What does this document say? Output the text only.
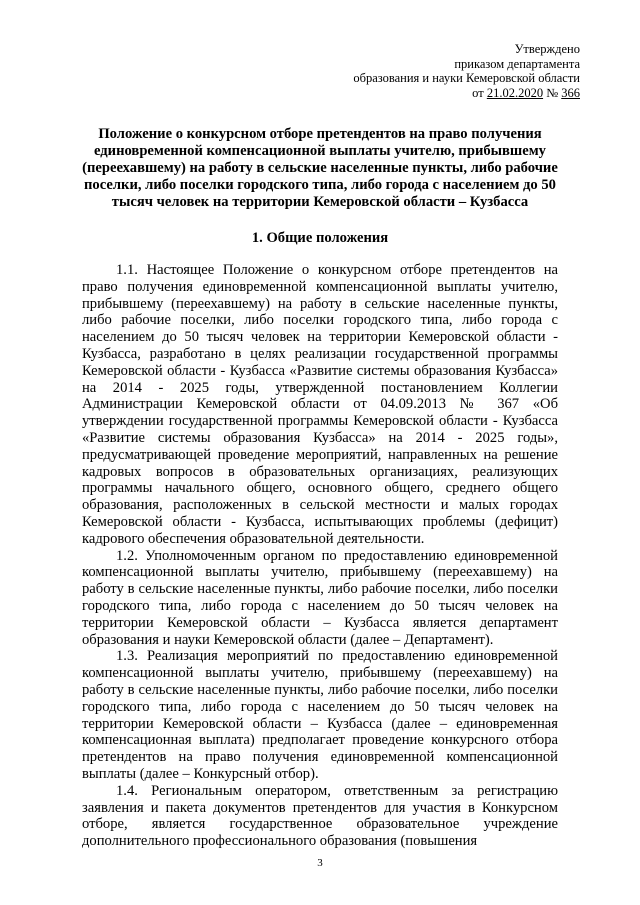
Утверждено
приказом департамента
образования и науки Кемеровской области
от 21.02.2020 № 366
Положение о конкурсном отборе претендентов на право получения единовременной компенсационной выплаты учителю, прибывшему (переехавшему) на работу в сельские населенные пункты, либо рабочие поселки, либо поселки городского типа, либо города с населением до 50 тысяч человек на территории Кемеровской области – Кузбасса
1. Общие положения

1.1. Настоящее Положение о конкурсном отборе претендентов на право получения единовременной компенсационной выплаты учителю, прибывшему (переехавшему) на работу в сельские населенные пункты, либо рабочие поселки, либо поселки городского типа, либо города с населением до 50 тысяч человек на территории Кемеровской области - Кузбасса, разработано в целях реализации государственной программы Кемеровской области - Кузбасса «Развитие системы образования Кузбасса» на 2014 - 2025 годы, утвержденной постановлением Коллегии Администрации Кемеровской области от 04.09.2013 № 367 «Об утверждении государственной программы Кемеровской области - Кузбасса «Развитие системы образования Кузбасса» на 2014 - 2025 годы», предусматривающей проведение мероприятий, направленных на решение кадровых вопросов в образовательных организациях, реализующих программы начального общего, основного общего, среднего общего образования, расположенных в сельской местности и малых городах Кемеровской области - Кузбасса, испытывающих проблемы (дефицит) кадрового обеспечения образовательной деятельности.

1.2. Уполномоченным органом по предоставлению единовременной компенсационной выплаты учителю, прибывшему (переехавшему) на работу в сельские населенные пункты, либо рабочие поселки, либо поселки городского типа, либо города с населением до 50 тысяч человек на территории Кемеровской области – Кузбасса является департамент образования и науки Кемеровской области (далее – Департамент).

1.3. Реализация мероприятий по предоставлению единовременной компенсационной выплаты учителю, прибывшему (переехавшему) на работу в сельские населенные пункты, либо рабочие поселки, либо поселки городского типа, либо города с населением до 50 тысяч человек на территории Кемеровской области – Кузбасса (далее – единовременная компенсационная выплата) предполагает проведение конкурсного отбора претендентов на право получения единовременной компенсационной выплаты (далее – Конкурсный отбор).

1.4. Региональным оператором, ответственным за регистрацию заявления и пакета документов претендентов для участия в Конкурсном отборе, является государственное образовательное учреждение дополнительного профессионального образования (повышения

3
